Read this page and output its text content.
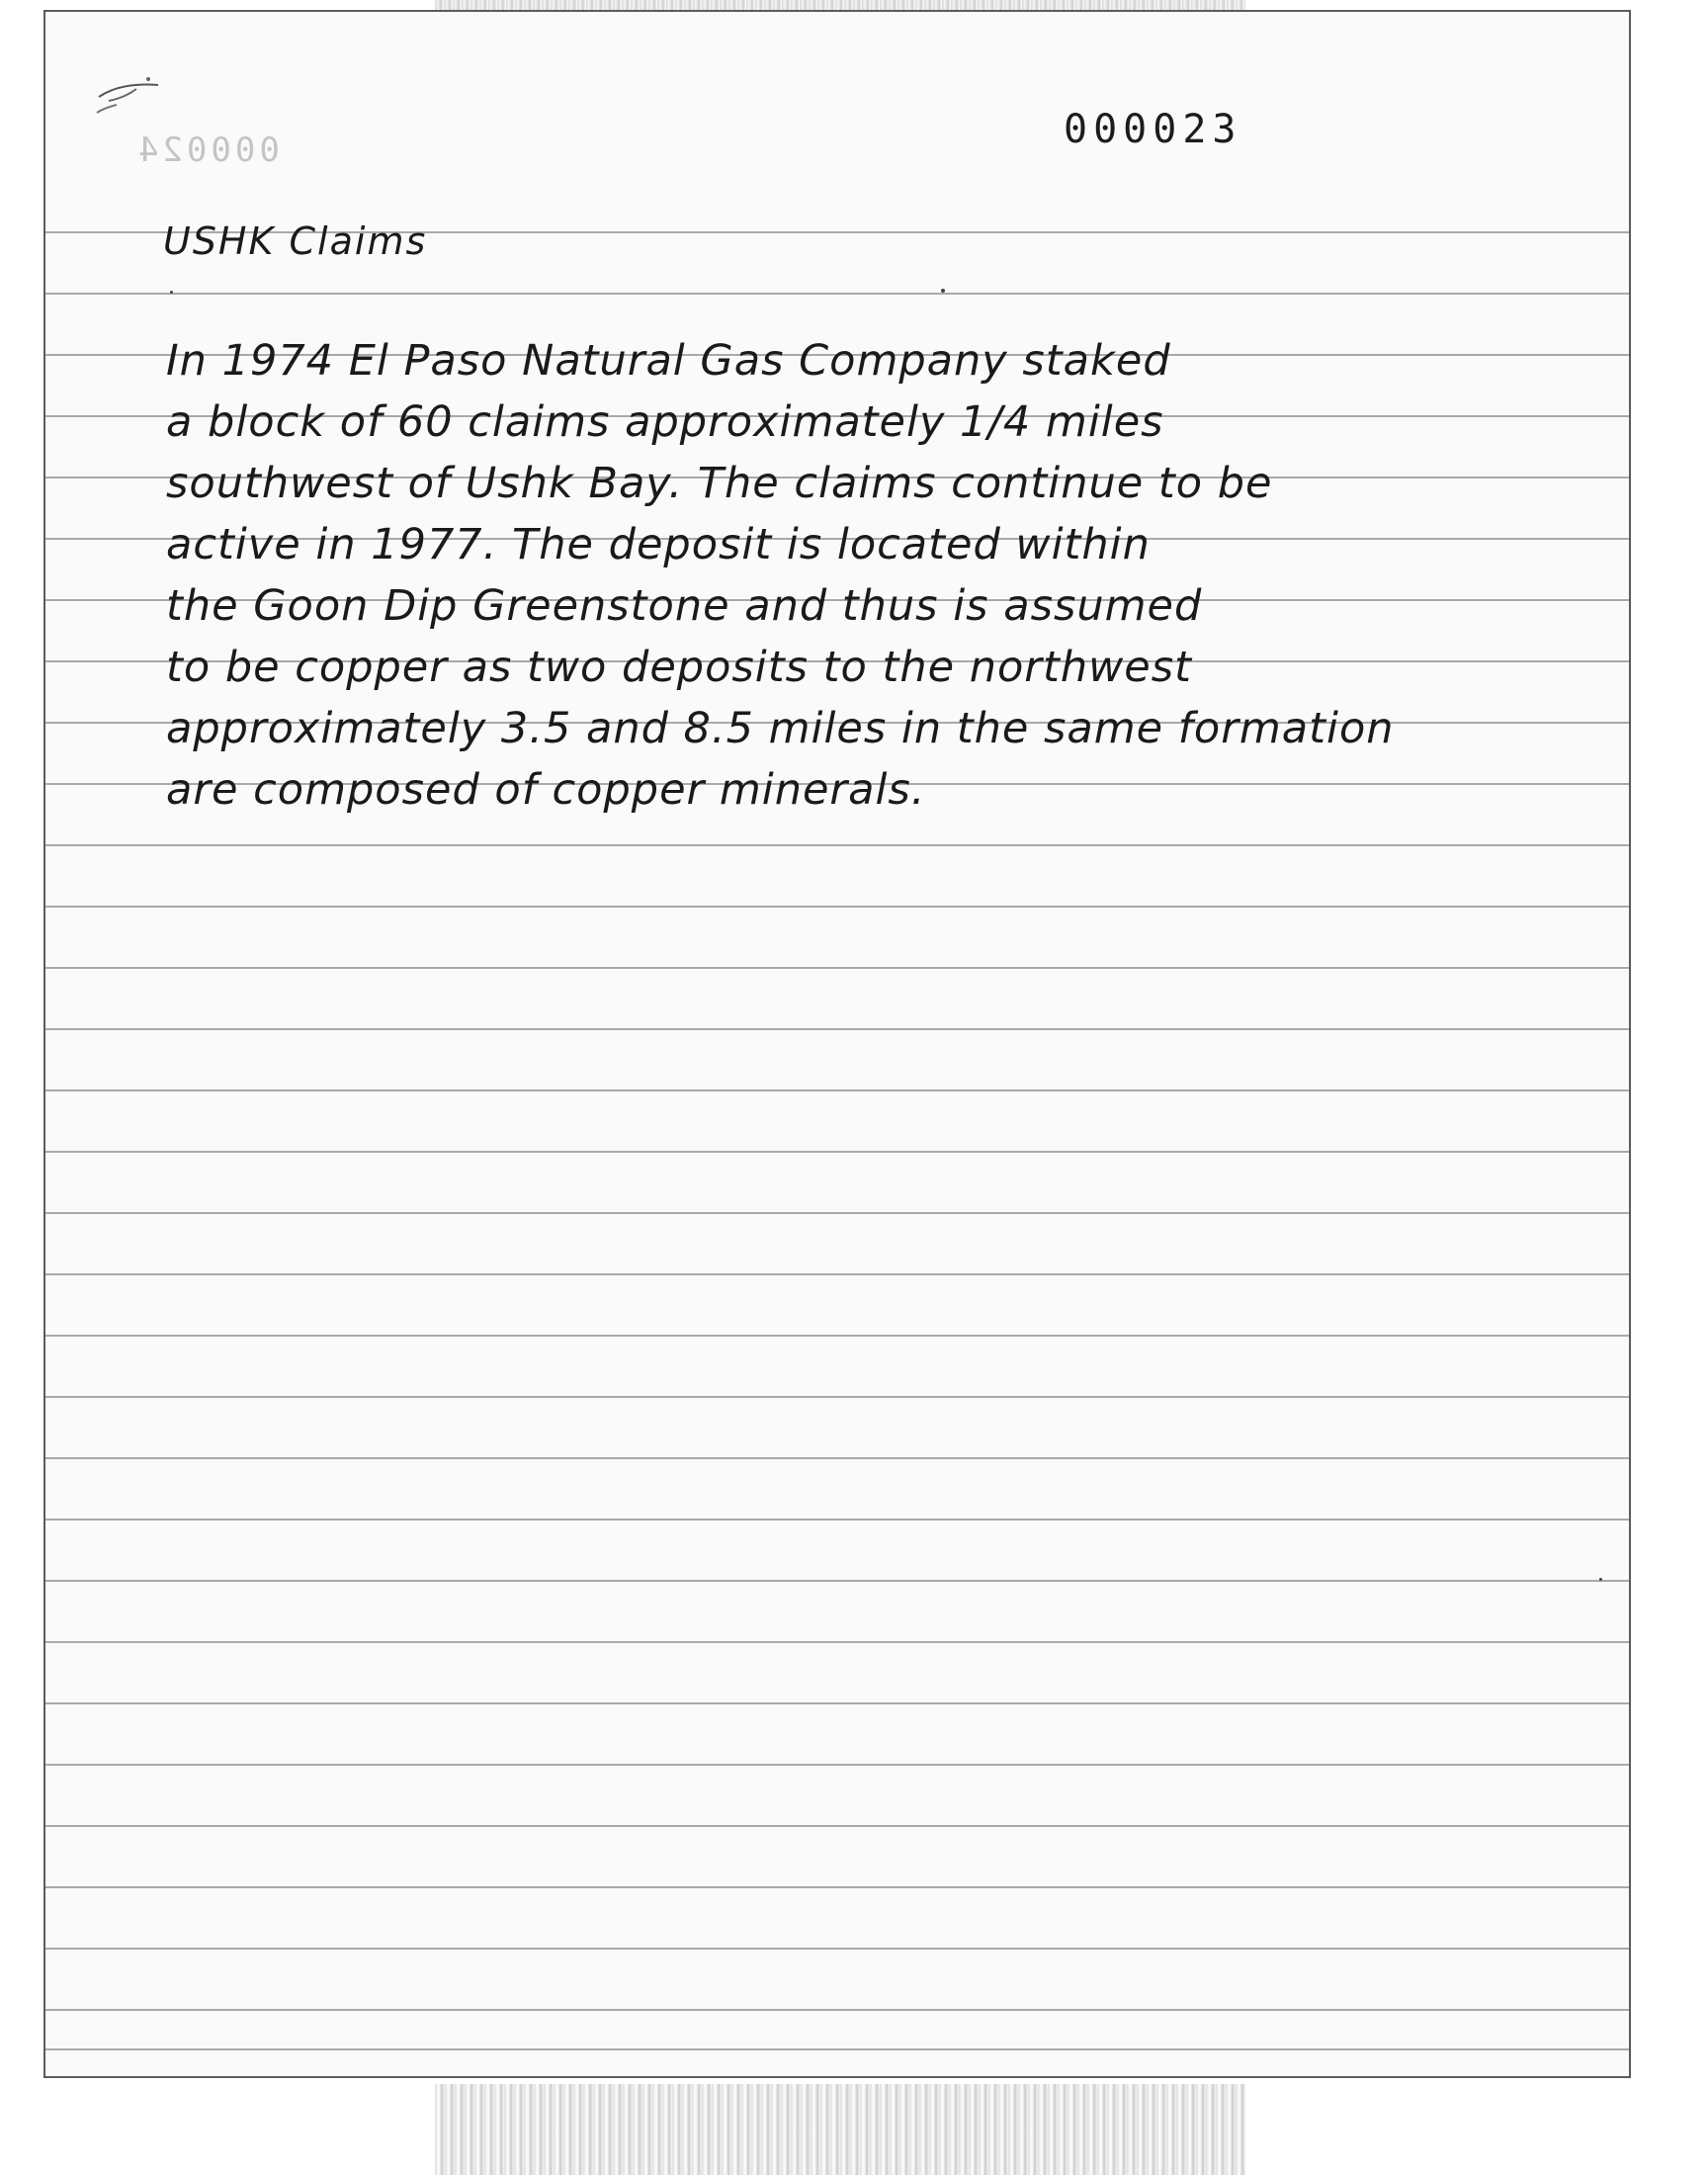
000024	000023
USHK Claims
In 1974 El Paso Natural Gas Company staked
a block of 60 claims approximately 1/4 miles
southwest of Ushk Bay. The claims continue to be
active in 1977. The deposit is located within
the Goon Dip Greenstone and thus is assumed
to be copper as two deposits to the northwest
approximately 3.5 and 8.5 miles in the same formation
are composed of copper minerals.
